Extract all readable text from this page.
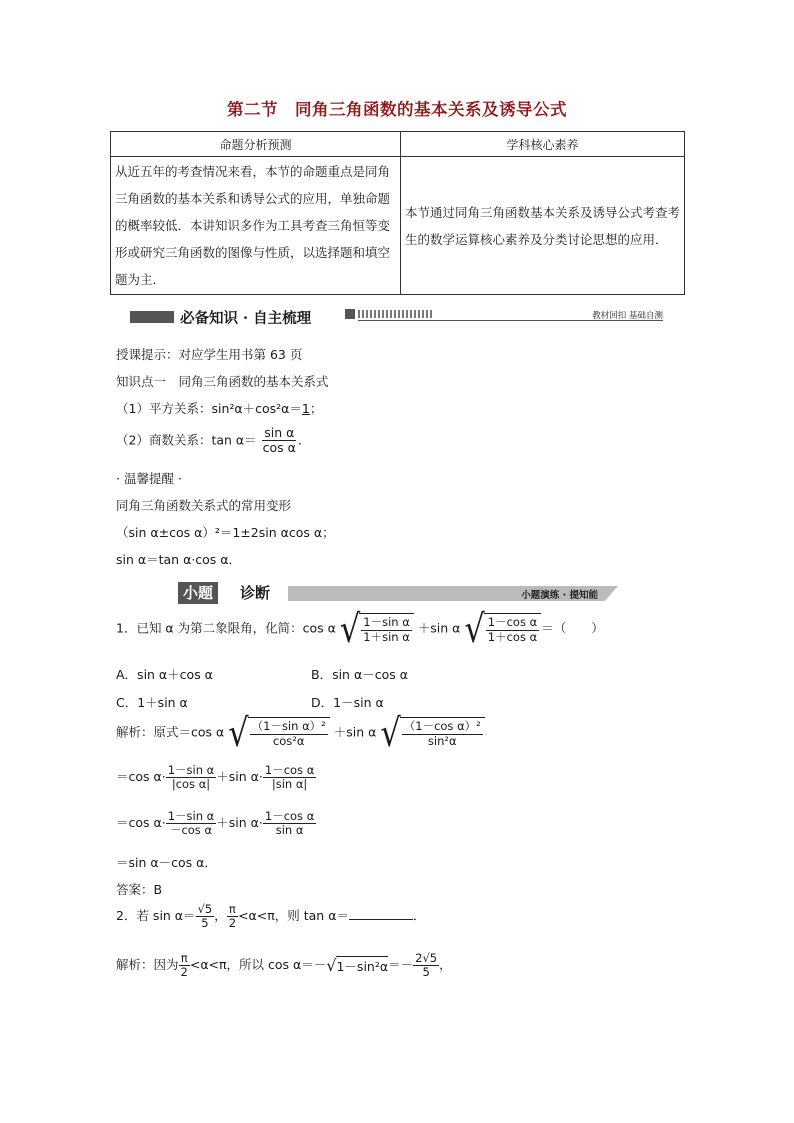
第二节　同角三角函数的基本关系及诱导公式
命题分析预测	学科核心素养
从近五年的考查情况来看，本节的命题重点是同角三角函数的基本关系和诱导公式的应用，单独命题的概率较低．本讲知识多作为工具考查三角恒等变形或研究三角函数的图像与性质，以选择题和填空题为主．	本节通过同角三角函数基本关系及诱导公式考查考生的数学运算核心素养及分类讨论思想的应用．
必备知识 · 自主梳理	教材回扣 基础自测
授课提示：对应学生用书第 63 页
知识点一　同角三角函数的基本关系式
（1）平方关系：sin²α＋cos²α＝1；
（2）商数关系：$\tan \alpha= \frac{\text{sin α}}{\text{cos α}}$ .
· 温馨提醒 ·
同角三角函数关系式的常用变形
（sin α±cos α）²＝1±2sin αcos α；
sin α＝tan α·cos α．
小题	诊断	小题演练 · 提知能
1．已知 α 为第二象限角，化简：cos α √ $\frac{\text{1－sin α}}{\text{1＋sin α}} +\sin$ α √ $\frac{\text{1－cos α}}{\text{1＋cos α}}$ ＝（　　）
A．sin α＋cos α	B．sin α－cos α
C．1＋sin α	D．1－sin α
解析：原式＝cos α √ $\frac{\text{（1－sin α）²}}{\text{cos²α}} +\sin$ α √ $\frac{\text{（1－cos α）²}}{\text{sin²α}}$
＝cos $\alpha\cdot \frac{\text{1－sin α}}{\text{|cos α|}} +\sin$ $\alpha\cdot \frac{\text{1－cos α}}{\text{|sin α|}}$
＝cos $\alpha\cdot \frac{\text{1－sin α}}{\text{－cos α}} +\sin$ $\alpha\cdot \frac{\text{1－cos α}}{\text{sin α}}$
＝sin α－cos α．
答案：B
2．若 $\sin \alpha= \frac{√5}{5}$ ， $\frac{\pi}{2} <\alpha<\pi$，则 tan α＝	．
解析：因为 $\frac{\pi}{2} <\alpha<\pi$，所以 cos α＝－ √ $1-\sin^2\alpha =- \frac{2√5}{5}$ ，
